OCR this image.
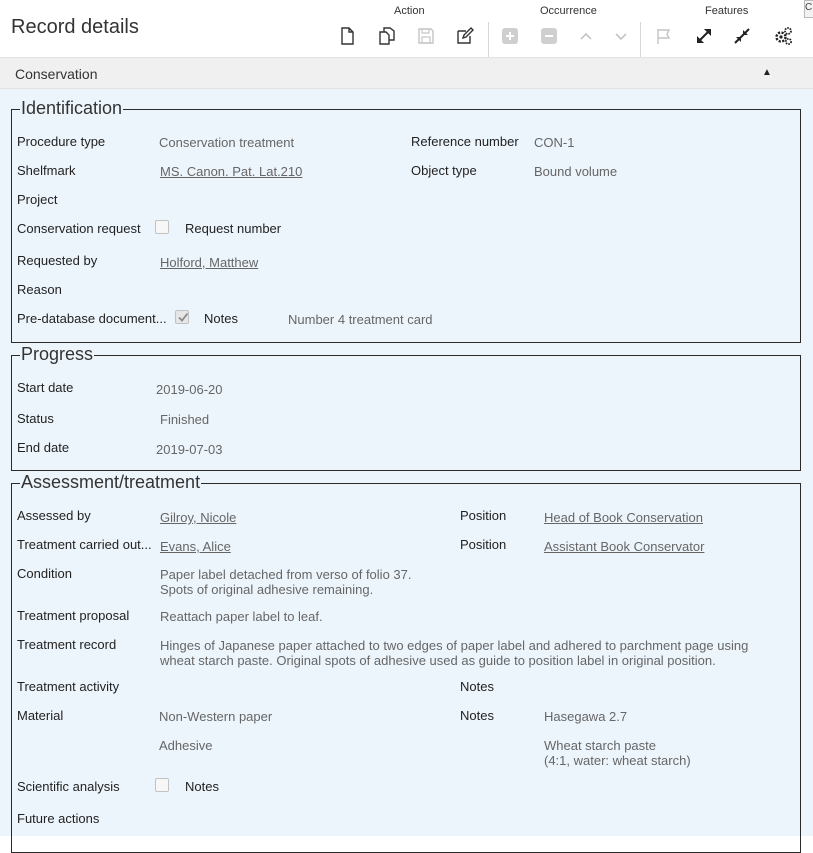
Record details
Action	Occurrence	Features	C
Conservation	▲
Identification
Procedure type	Conservation treatment	Reference number CON-1
Shelfmark	MS. Canon. Pat. Lat.210	Object type	Bound volume
Project
Conservation request	Request number
Requested by	Holford, Matthew
Reason
Pre-database document...	Notes	Number 4 treatment card
Progress
Start date	2019-06-20
Status	Finished
End date	2019-07-03
Assessment/treatment
Assessed by	Gilroy, Nicole	Position	Head of Book Conservation
Treatment carried out... Evans, Alice	Position	Assistant Book Conservator
Condition	Paper label detached from verso of folio 37.
Spots of original adhesive remaining.
Treatment proposal Reattach paper label to leaf.
Treatment record	Hinges of Japanese paper attached to two edges of paper label and adhered to parchment page using
wheat starch paste. Original spots of adhesive used as guide to position label in original position.
Treatment activity	Notes
Material	Non-Western paper	Notes	Hasegawa 2.7
Adhesive	Wheat starch paste
(4:1, water: wheat starch)
Scientific analysis	Notes
Future actions
